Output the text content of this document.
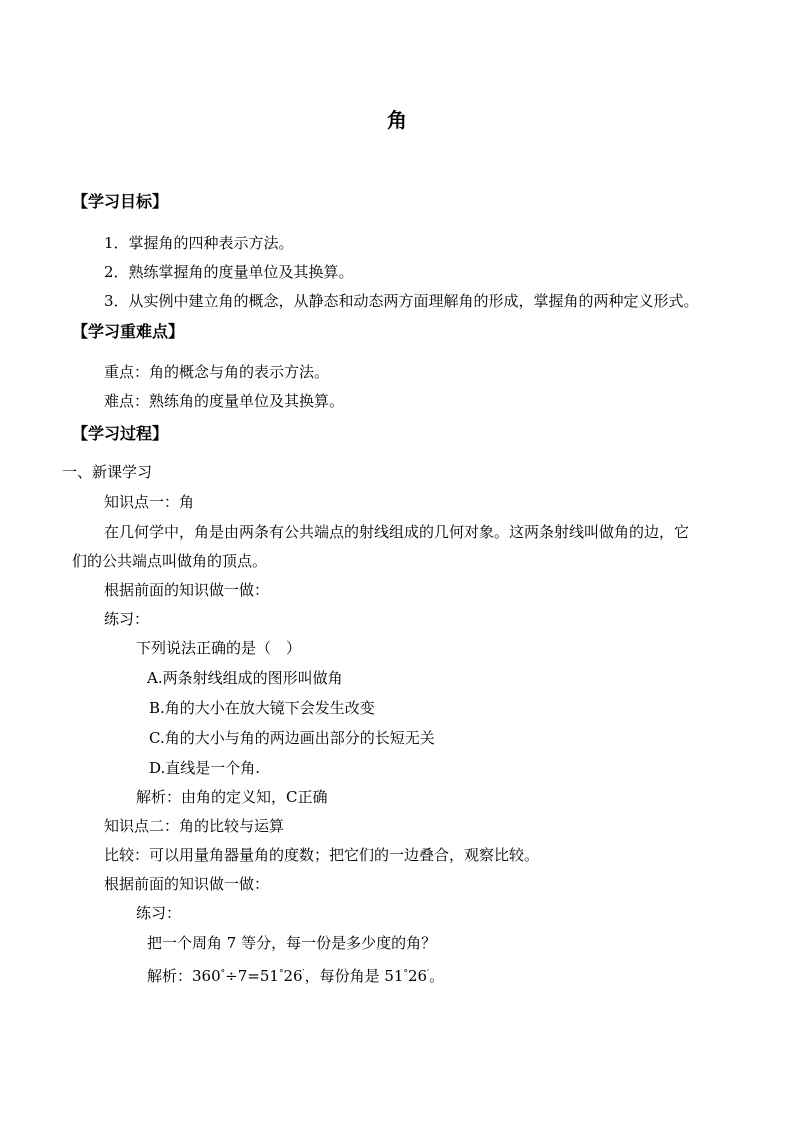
角
【学习目标】
1．掌握角的四种表示方法。
2．熟练掌握角的度量单位及其换算。
3．从实例中建立角的概念，从静态和动态两方面理解角的形成，掌握角的两种定义形式。
【学习重难点】
重点：角的概念与角的表示方法。
难点：熟练角的度量单位及其换算。
【学习过程】
一、新课学习
知识点一：角
在几何学中，角是由两条有公共端点的射线组成的几何对象。这两条射线叫做角的边，它
们的公共端点叫做角的顶点。
根据前面的知识做一做：
练习：
下列说法正确的是（　）
A.两条射线组成的图形叫做角
B.角的大小在放大镜下会发生改变
C.角的大小与角的两边画出部分的长短无关
D.直线是一个角.
解析：由角的定义知，C正确
知识点二：角的比较与运算
比较：可以用量角器量角的度数；把它们的一边叠合，观察比较。
根据前面的知识做一做：
练习：
把一个周角 7 等分，每一份是多少度的角？
解析：360°÷7=51°26′，每份角是 51°26′。
